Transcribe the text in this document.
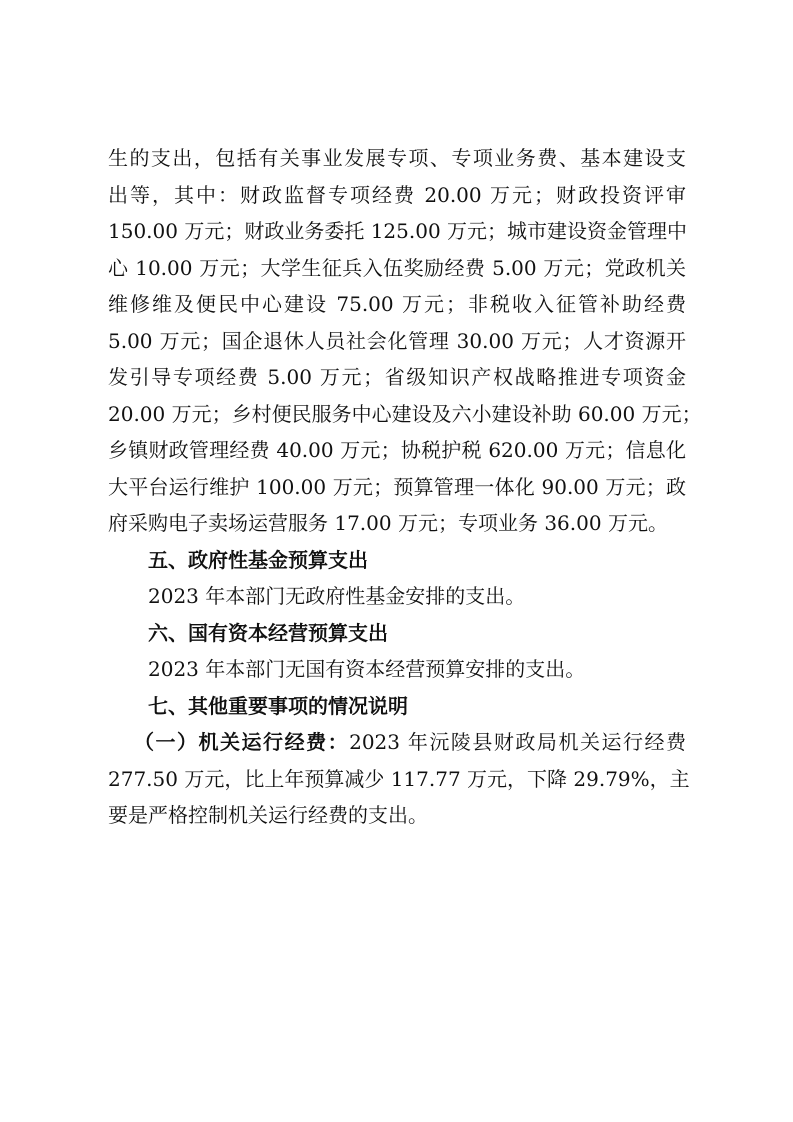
生的支出，包括有关事业发展专项、专项业务费、基本建设支
出等，其中：财政监督专项经费 20.00 万元；财政投资评审
150.00 万元；财政业务委托 125.00 万元；城市建设资金管理中
心 10.00 万元；大学生征兵入伍奖励经费 5.00 万元；党政机关
维修维及便民中心建设 75.00 万元；非税收入征管补助经费
5.00 万元；国企退休人员社会化管理 30.00 万元；人才资源开
发引导专项经费 5.00 万元；省级知识产权战略推进专项资金
20.00 万元；乡村便民服务中心建设及六小建设补助 60.00 万元；
乡镇财政管理经费 40.00 万元；协税护税 620.00 万元；信息化
大平台运行维护 100.00 万元；预算管理一体化 90.00 万元；政
府采购电子卖场运营服务 17.00 万元；专项业务 36.00 万元。

五、政府性基金预算支出

2023 年本部门无政府性基金安排的支出。

六、国有资本经营预算支出

2023 年本部门无国有资本经营预算安排的支出。

七、其他重要事项的情况说明

（一）机关运行经费：2023 年沅陵县财政局机关运行经费
277.50 万元，比上年预算减少 117.77 万元，下降 29.79%，主
要是严格控制机关运行经费的支出。
